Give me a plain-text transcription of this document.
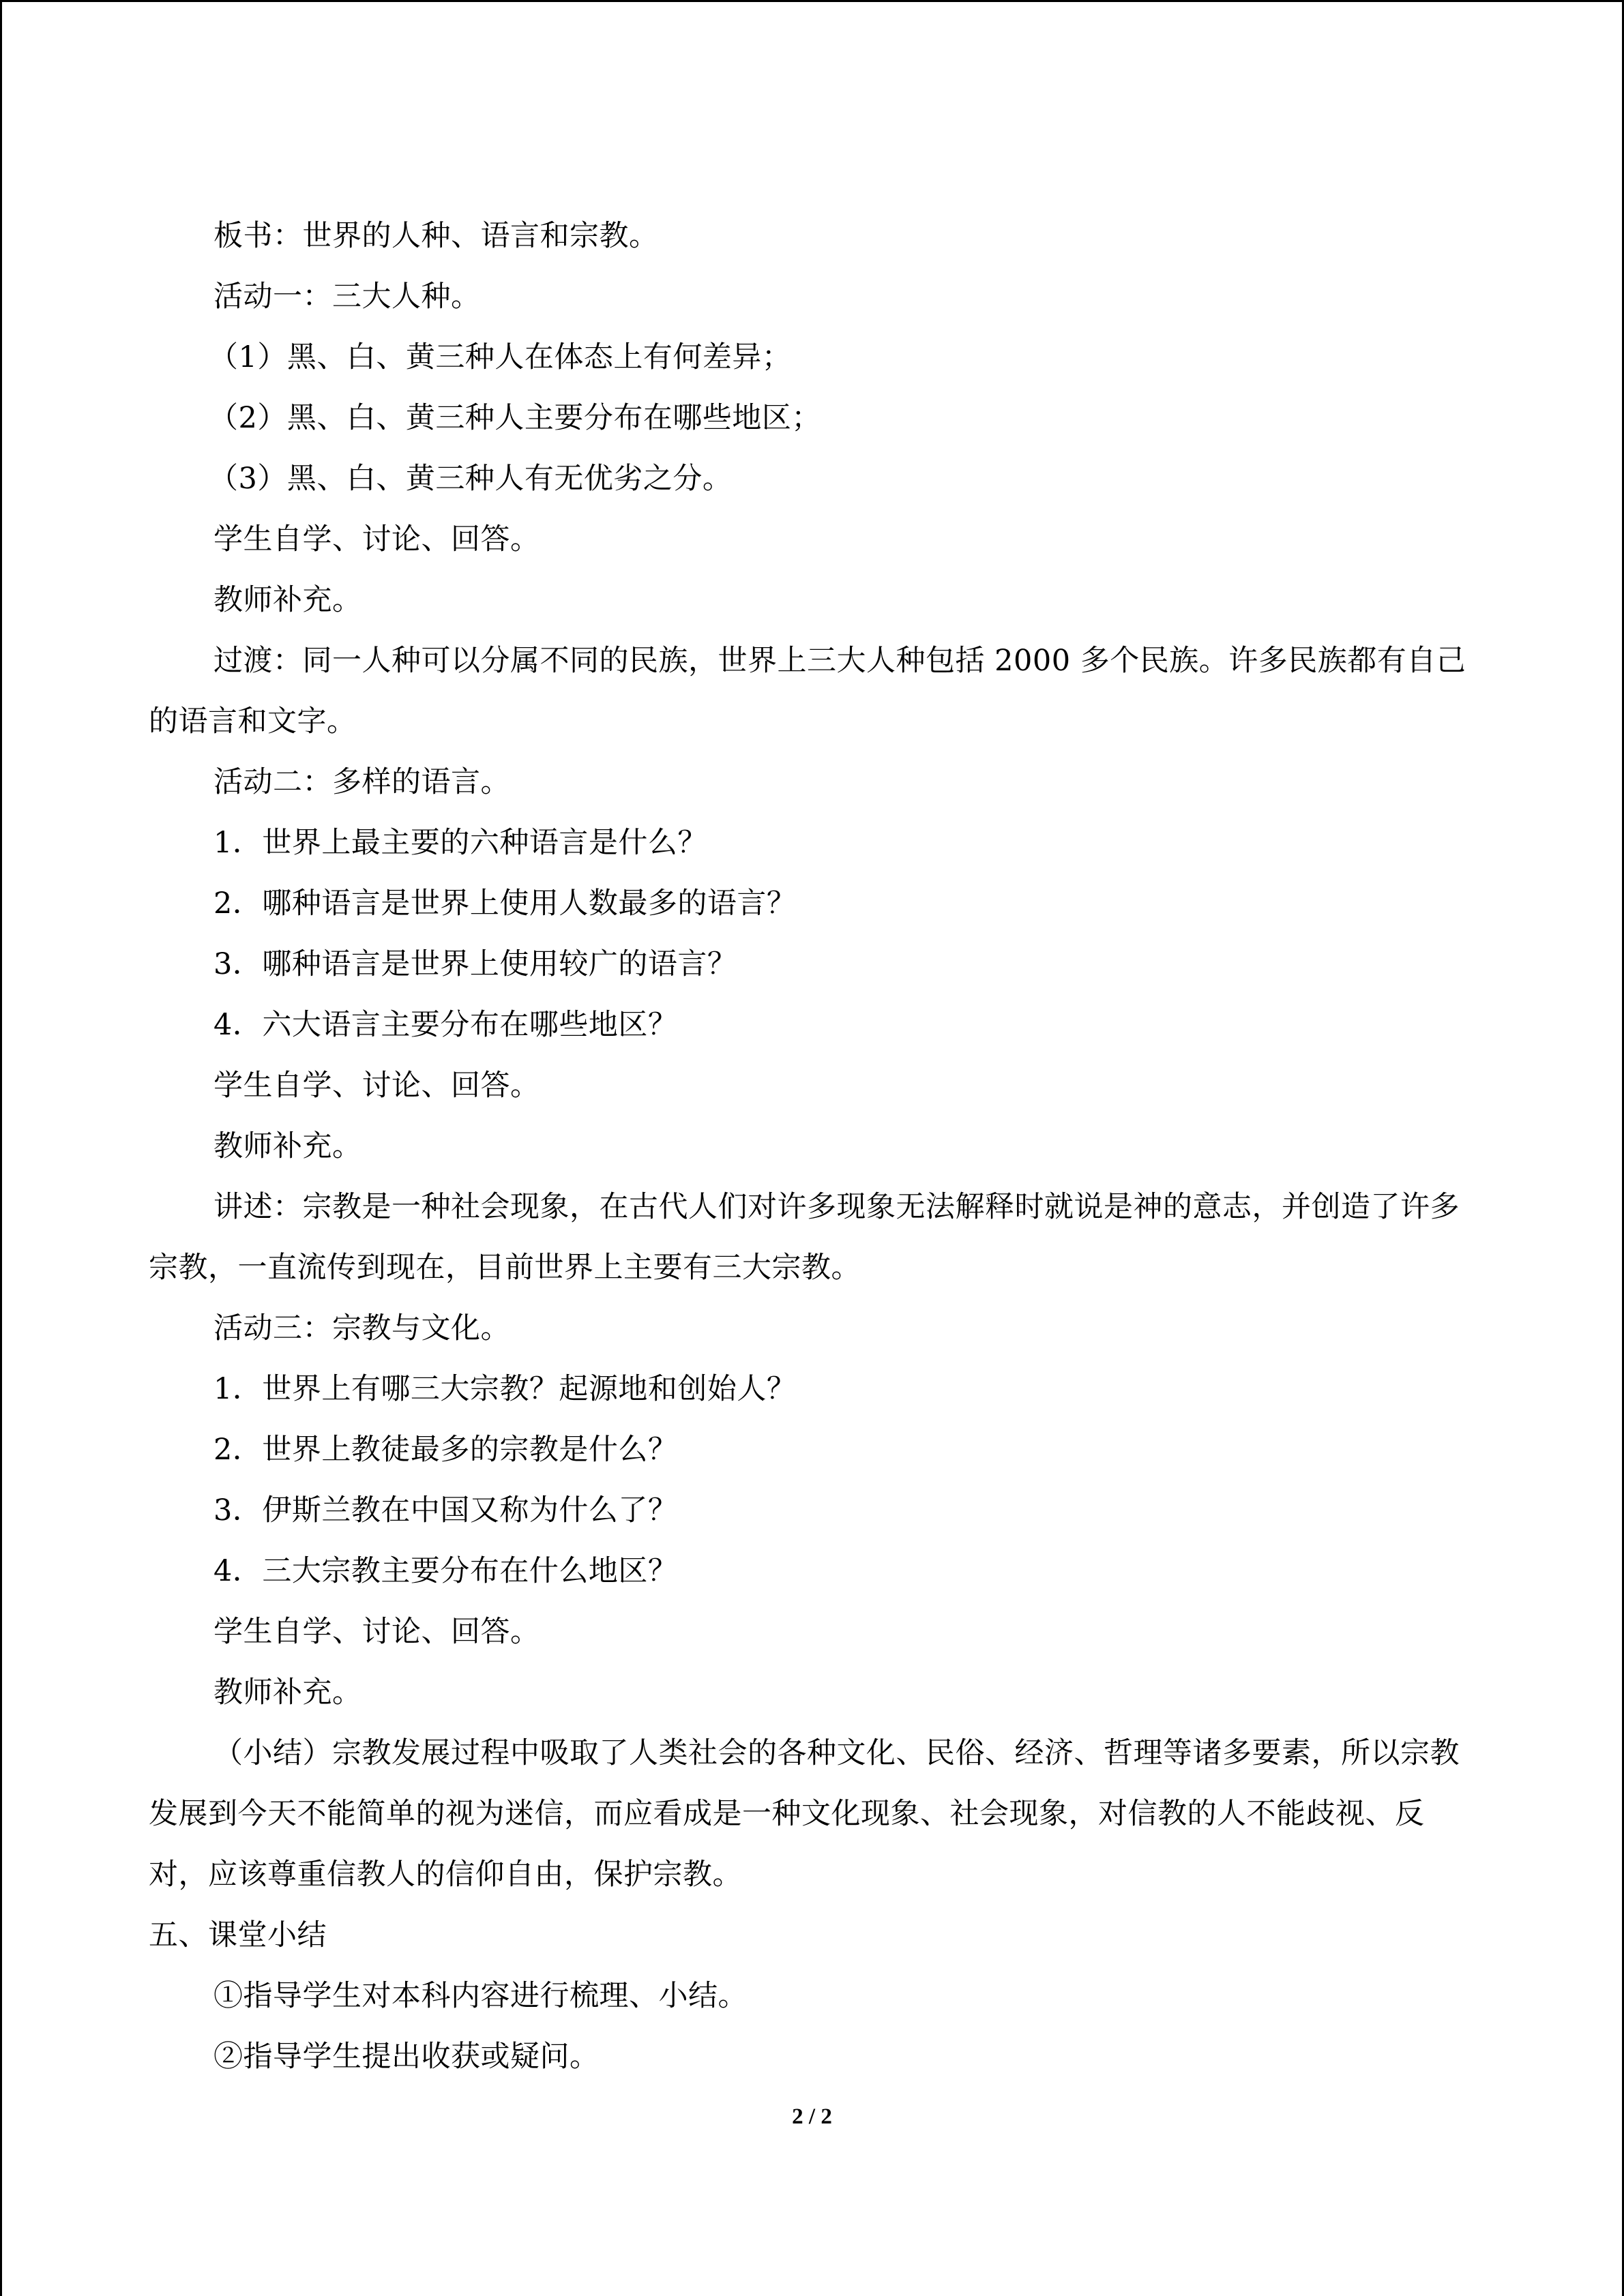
板书：世界的人种、语言和宗教。
活动一：三大人种。
（1）黑、白、黄三种人在体态上有何差异；
（2）黑、白、黄三种人主要分布在哪些地区；
（3）黑、白、黄三种人有无优劣之分。
学生自学、讨论、回答。
教师补充。
过渡：同一人种可以分属不同的民族，世界上三大人种包括 2000 多个民族。许多民族都有自己的语言和文字。
活动二：多样的语言。
1．世界上最主要的六种语言是什么？
2．哪种语言是世界上使用人数最多的语言？
3．哪种语言是世界上使用较广的语言？
4．六大语言主要分布在哪些地区？
学生自学、讨论、回答。
教师补充。
讲述：宗教是一种社会现象，在古代人们对许多现象无法解释时就说是神的意志，并创造了许多宗教，一直流传到现在，目前世界上主要有三大宗教。
活动三：宗教与文化。
1．世界上有哪三大宗教？起源地和创始人？
2．世界上教徒最多的宗教是什么？
3．伊斯兰教在中国又称为什么了？
4．三大宗教主要分布在什么地区？
学生自学、讨论、回答。
教师补充。
（小结）宗教发展过程中吸取了人类社会的各种文化、民俗、经济、哲理等诸多要素，所以宗教发展到今天不能简单的视为迷信，而应看成是一种文化现象、社会现象，对信教的人不能歧视、反对，应该尊重信教人的信仰自由，保护宗教。
五、课堂小结
①指导学生对本科内容进行梳理、小结。
②指导学生提出收获或疑问。
2 / 2
